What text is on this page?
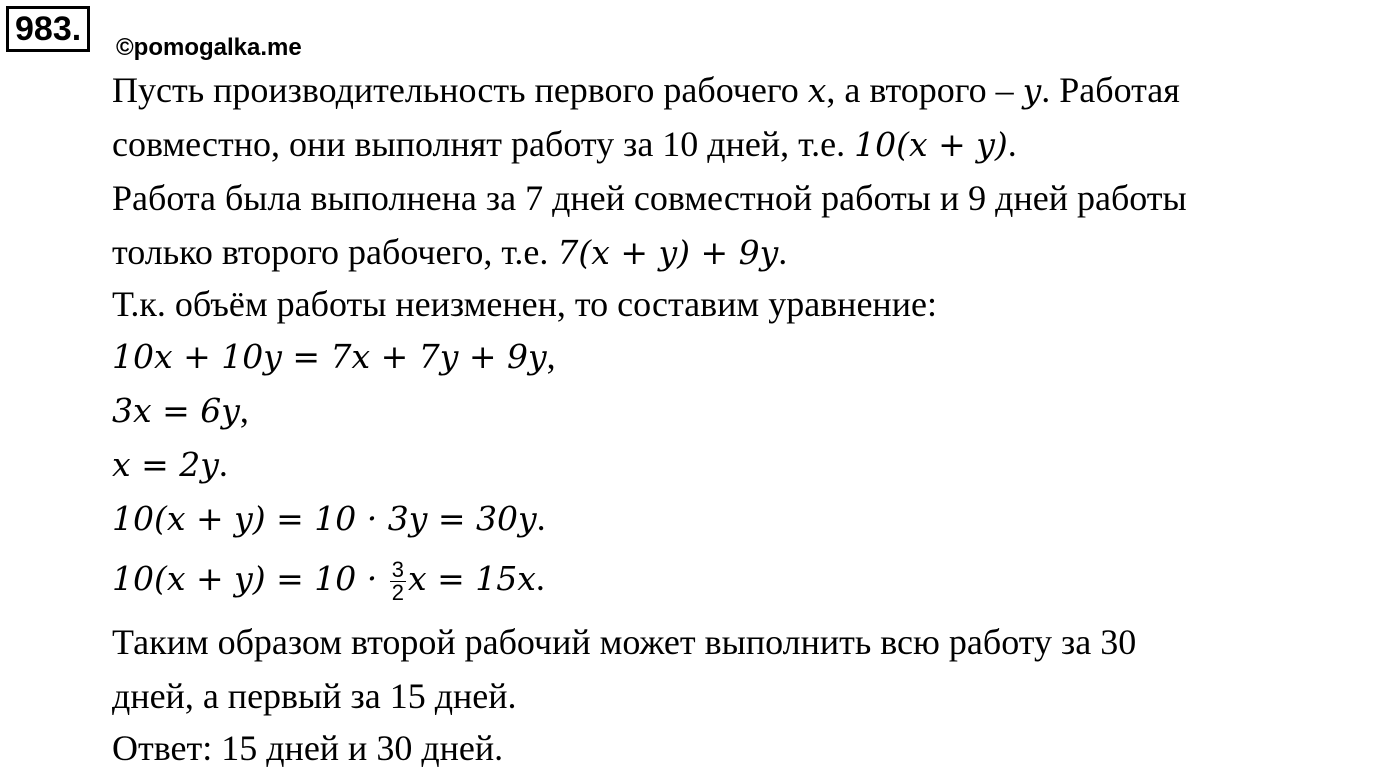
983.	©pomogalka.me
Пусть производительность первого рабочего x, а второго – y. Работая
совместно, они выполнят работу за 10 дней, т.е. 10(x + y).
Работа была выполнена за 7 дней совместной работы и 9 дней работы
только второго рабочего, т.е. 7(x + y) + 9y.
Т.к. объём работы неизменен, то составим уравнение:
10x + 10y = 7x + 7y + 9y,
3x = 6y,
x = 2y.
10(x + y) = 10 · 3y = 30y.
$10(x + y) = 10 \cdot \frac{3}{2}$ x = 15x.
Таким образом второй рабочий может выполнить всю работу за 30
дней, а первый за 15 дней.
Ответ: 15 дней и 30 дней.
